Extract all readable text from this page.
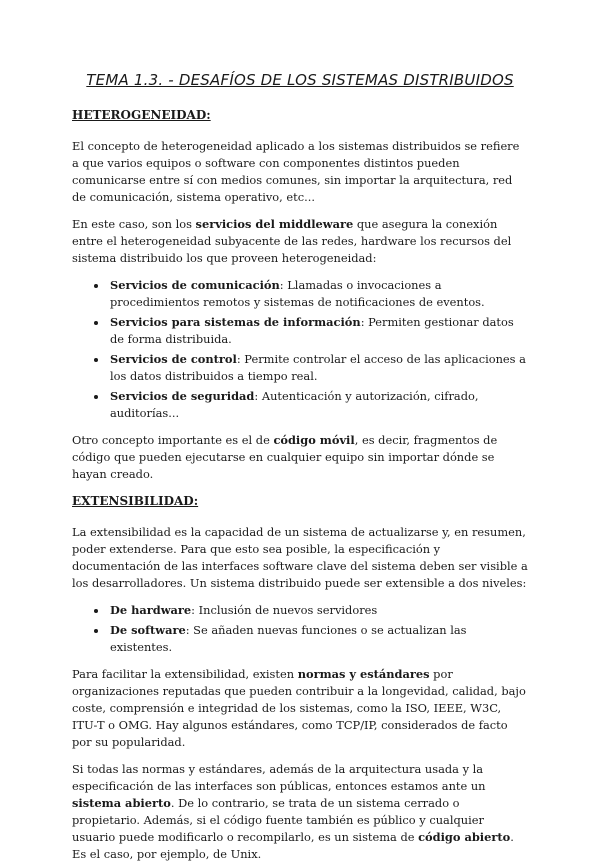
TEMA 1.3. - DESAFÍOS DE LOS SISTEMAS DISTRIBUIDOS
HETEROGENEIDAD:

El concepto de heterogeneidad aplicado a los sistemas distribuidos se refiere a que varios equipos o software con componentes distintos pueden comunicarse entre sí con medios comunes, sin importar la arquitectura, red de comunicación, sistema operativo, etc...

En este caso, son los servicios del middleware que asegura la conexión entre el heterogeneidad subyacente de las redes, hardware los recursos del sistema distribuido los que proveen heterogeneidad:

• Servicios de comunicación: Llamadas o invocaciones a procedimientos remotos y sistemas de notificaciones de eventos.
• Servicios para sistemas de información: Permiten gestionar datos de forma distribuida.
• Servicios de control: Permite controlar el acceso de las aplicaciones a los datos distribuidos a tiempo real.
• Servicios de seguridad: Autenticación y autorización, cifrado, auditorías...

Otro concepto importante es el de código móvil, es decir, fragmentos de código que pueden ejecutarse en cualquier equipo sin importar dónde se hayan creado.

EXTENSIBILIDAD:

La extensibilidad es la capacidad de un sistema de actualizarse y, en resumen, poder extenderse. Para que esto sea posible, la especificación y documentación de las interfaces software clave del sistema deben ser visible a los desarrolladores. Un sistema distribuido puede ser extensible a dos niveles:

• De hardware: Inclusión de nuevos servidores
• De software: Se añaden nuevas funciones o se actualizan las existentes.

Para facilitar la extensibilidad, existen normas y estándares por organizaciones reputadas que pueden contribuir a la longevidad, calidad, bajo coste, comprensión e integridad de los sistemas, como la ISO, IEEE, W3C, ITU-T o OMG. Hay algunos estándares, como TCP/IP, considerados de facto por su popularidad.

Si todas las normas y estándares, además de la arquitectura usada y la especificación de las interfaces son públicas, entonces estamos ante un sistema abierto. De lo contrario, se trata de un sistema cerrado o propietario. Además, si el código fuente también es público y cualquier usuario puede modificarlo o recompilarlo, es un sistema de código abierto. Es el caso, por ejemplo, de Unix.
